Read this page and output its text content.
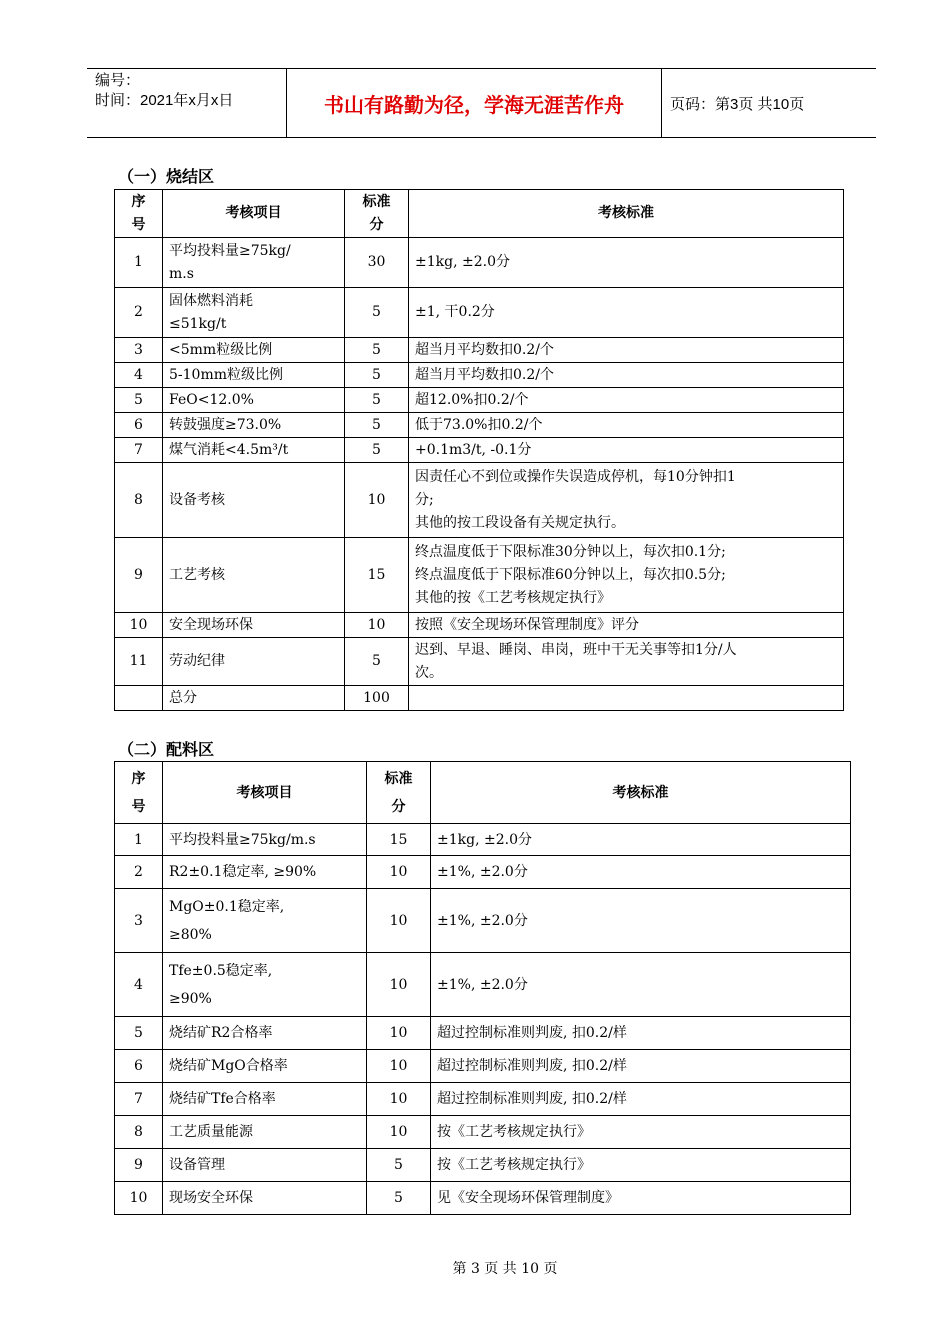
编号：
时间：2021年x月x日	书山有路勤为径，学海无涯苦作舟	页码：第3页 共10页
（一）烧结区
序
号	考核项目	标准
分	考核标准
1	平均投料量≥75kg/
m.s	30	±1kg, ±2.0分
2	固体燃料消耗
≤51kg/t	5	±1, 干0.2分
3	<5mm粒级比例	5	超当月平均数扣0.2/个
4	5-10mm粒级比例	5	超当月平均数扣0.2/个
5	FeO<12.0%	5	超12.0%扣0.2/个
6	转鼓强度≥73.0%	5	低于73.0%扣0.2/个
7	煤气消耗<4.5m³/t	5	+0.1m3/t, -0.1分
8	设备考核	10	因责任心不到位或操作失误造成停机，每10分钟扣1
分;
其他的按工段设备有关规定执行。
9	工艺考核	15	终点温度低于下限标准30分钟以上，每次扣0.1分;
终点温度低于下限标准60分钟以上，每次扣0.5分;
其他的按《工艺考核规定执行》
10	安全现场环保	10	按照《安全现场环保管理制度》评分
11	劳动纪律	5	迟到、早退、睡岗、串岗，班中干无关事等扣1分/人
次。
	总分	100	
（二）配料区
序
号	考核项目	标准
分	考核标准
1	平均投料量≥75kg/m.s	15	±1kg, ±2.0分
2	R2±0.1稳定率, ≥90%	10	±1%, ±2.0分
3	MgO±0.1稳定率,
≥80%	10	±1%, ±2.0分
4	Tfe±0.5稳定率,
≥90%	10	±1%, ±2.0分
5	烧结矿R2合格率	10	超过控制标准则判废, 扣0.2/样
6	烧结矿MgO合格率	10	超过控制标准则判废, 扣0.2/样
7	烧结矿Tfe合格率	10	超过控制标准则判废, 扣0.2/样
8	工艺质量能源	10	按《工艺考核规定执行》
9	设备管理	5	按《工艺考核规定执行》
10	现场安全环保	5	见《安全现场环保管理制度》
第 3 页 共 10 页
